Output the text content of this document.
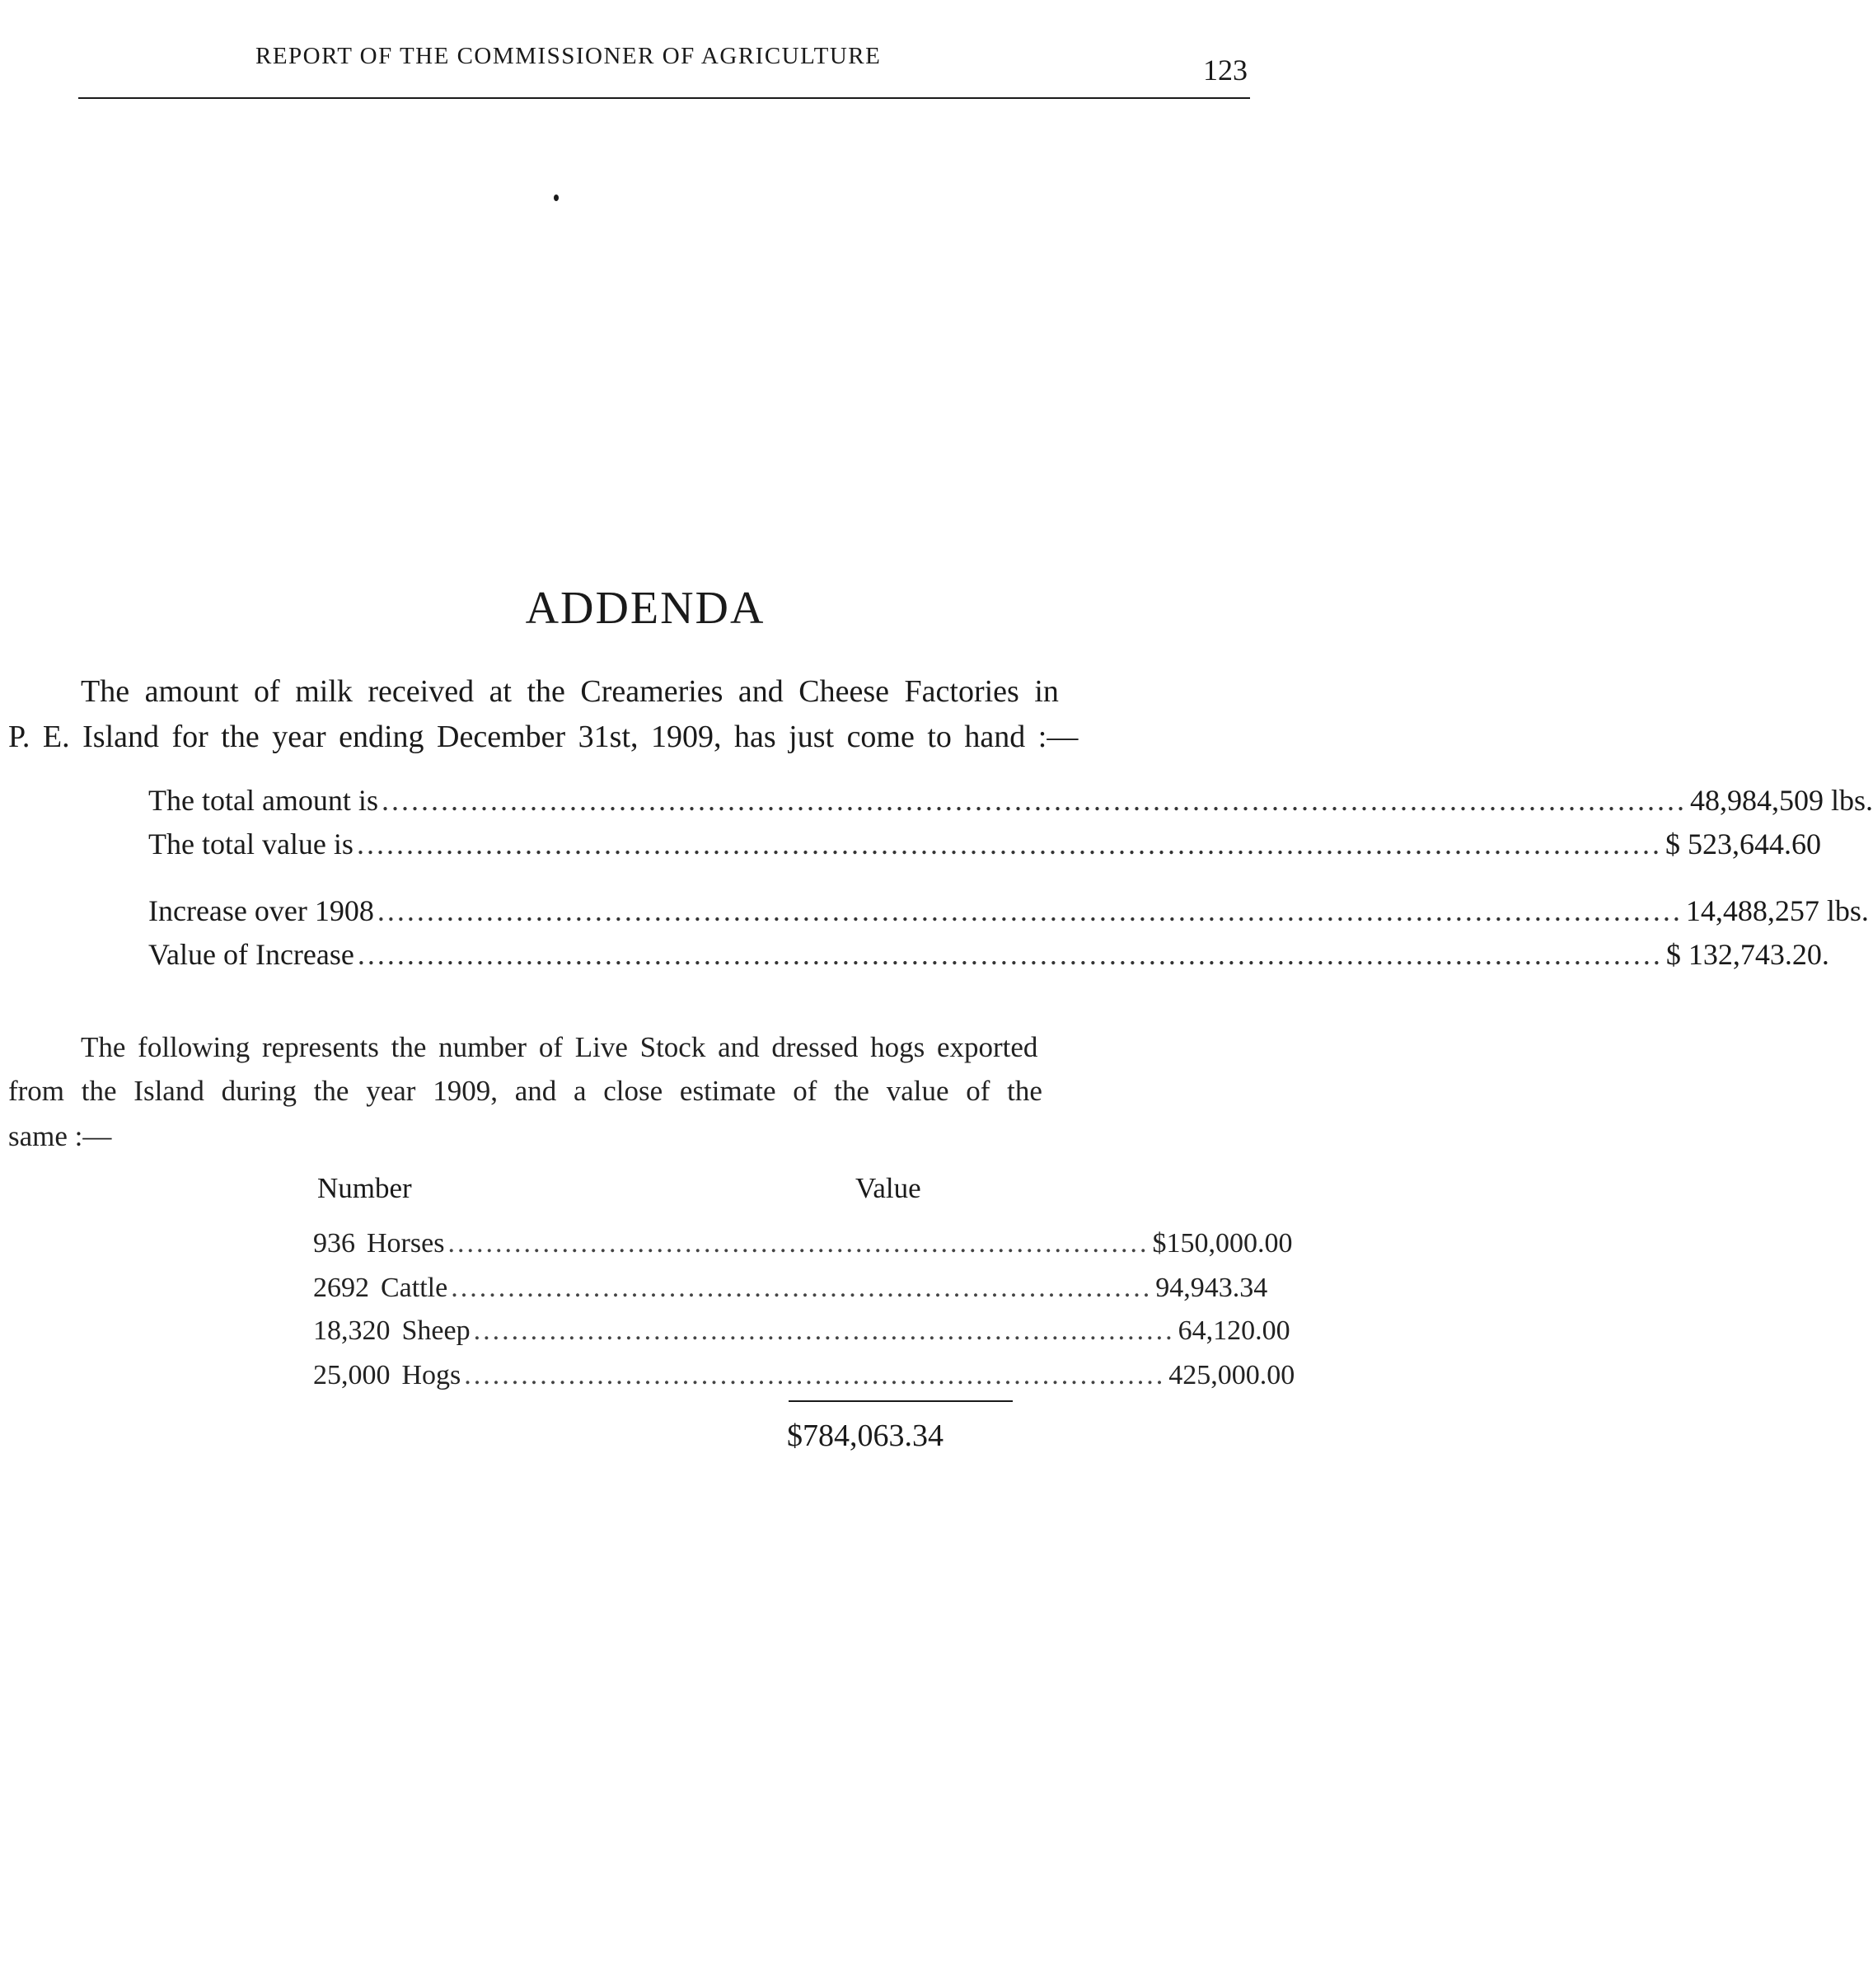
REPORT OF THE COMMISSIONER OF AGRICULTURE	123
ADDENDA
The amount of milk received at the Creameries and Cheese Factories in
P. E. Island for the year ending December 31st, 1909, has just come to hand :—
The total amount is .................................................................................................................................... 48,984,509 lbs.
The total value is .................................................................................................................................... $ 523,644.60
Increase over 1908 .................................................................................................................................... 14,488,257 lbs.
Value of Increase .................................................................................................................................... $ 132,743.20.
The following represents the number of Live Stock and dressed hogs exported
from the Island during the year 1909, and a close estimate of the value of the
same :—
Number	Value
936 Horses .......................................................................... $150,000.00
2692 Cattle .......................................................................... 94,943.34
18,320 Sheep .......................................................................... 64,120.00
25,000 Hogs .......................................................................... 425,000.00
$784,063.34
